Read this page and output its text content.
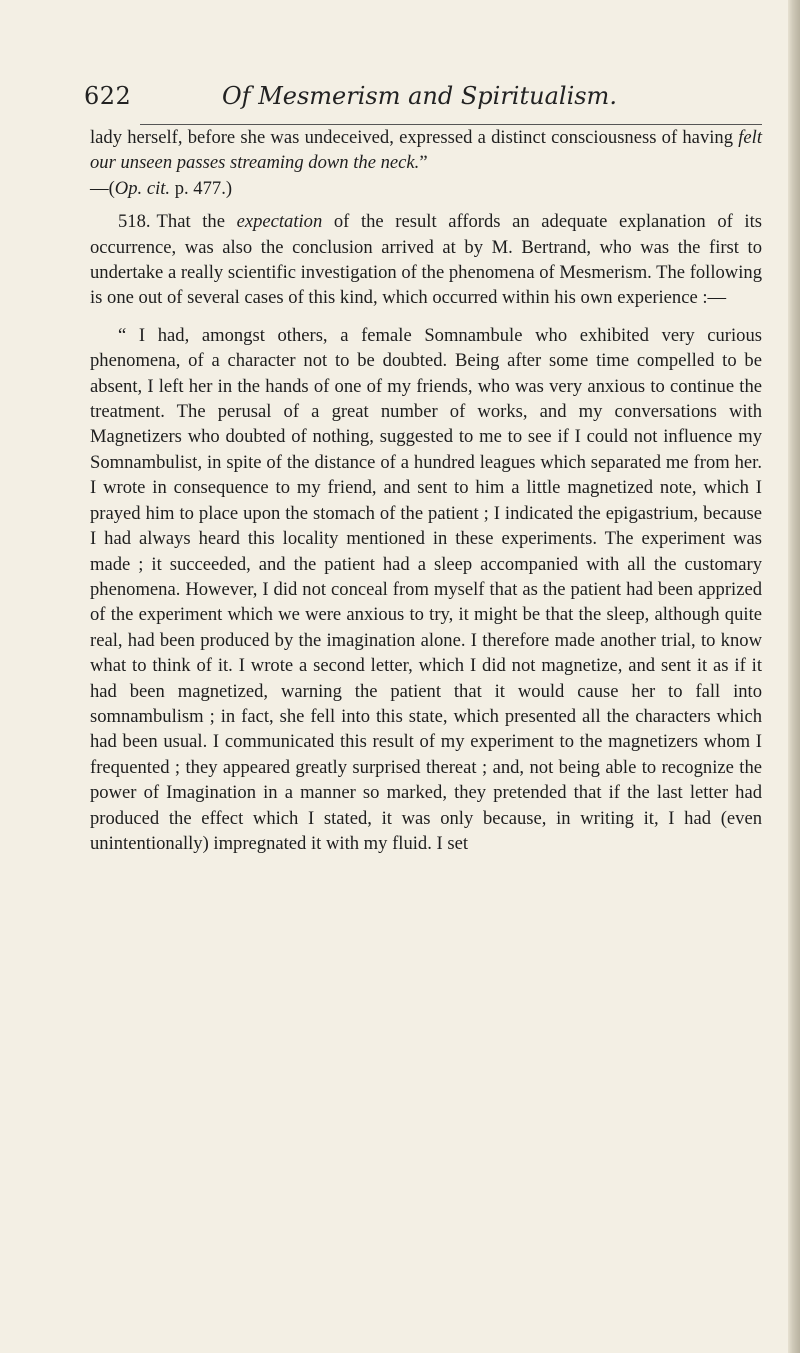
622	Of Mesmerism and Spiritualism.

lady herself, before she was undeceived, expressed a distinct consciousness of having felt our unseen passes streaming down the neck.”
—(Op. cit. p. 477.)

518. That the expectation of the result affords an adequate explanation of its occurrence, was also the conclusion arrived at by M. Bertrand, who was the first to undertake a really scientific investigation of the phenomena of Mesmerism. The following is one out of several cases of this kind, which occurred within his own experience :—

“ I had, amongst others, a female Somnambule who exhibited very curious phenomena, of a character not to be doubted. Being after some time compelled to be absent, I left her in the hands of one of my friends, who was very anxious to continue the treatment. The perusal of a great number of works, and my conversations with Magnetizers who doubted of nothing, suggested to me to see if I could not influence my Somnambulist, in spite of the distance of a hundred leagues which separated me from her. I wrote in consequence to my friend, and sent to him a little magnetized note, which I prayed him to place upon the stomach of the patient ; I indicated the epigastrium, because I had always heard this locality mentioned in these experiments. The experiment was made ; it succeeded, and the patient had a sleep accompanied with all the customary phenomena. However, I did not conceal from myself that as the patient had been apprized of the experiment which we were anxious to try, it might be that the sleep, although quite real, had been produced by the imagination alone. I therefore made another trial, to know what to think of it. I wrote a second letter, which I did not magnetize, and sent it as if it had been magnetized, warning the patient that it would cause her to fall into somnambulism ; in fact, she fell into this state, which presented all the characters which had been usual. I communicated this result of my experiment to the magnetizers whom I frequented ; they appeared greatly surprised thereat ; and, not being able to recognize the power of Imagination in a manner so marked, they pretended that if the last letter had produced the effect which I stated, it was only because, in writing it, I had (even unintentionally) impregnated it with my fluid. I set
